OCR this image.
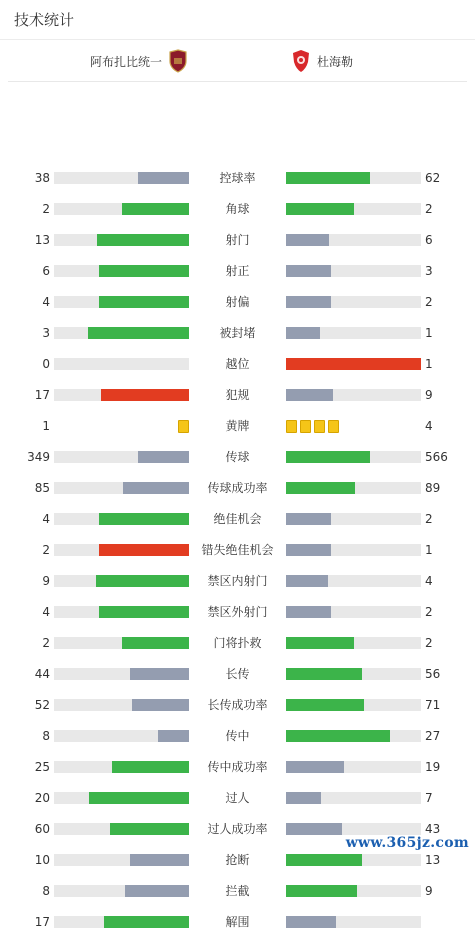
技术统计
阿布扎比统一	杜海勒
38	控球率	62
2	角球	2
13	射门	6
6	射正	3
4	射偏	2
3	被封堵	1
0	越位	1
17	犯规	9
1	黄牌	4
349	传球	566
85	传球成功率	89
4	绝佳机会	2
2	错失绝佳机会	1
9	禁区内射门	4
4	禁区外射门	2
2	门将扑救	2
44	长传	56
52	长传成功率	71
8	传中	27
25	传中成功率	19
20	过人	7
60	过人成功率	43
10	抢断	13
8	拦截	9
17	解围
www.365jz.com
